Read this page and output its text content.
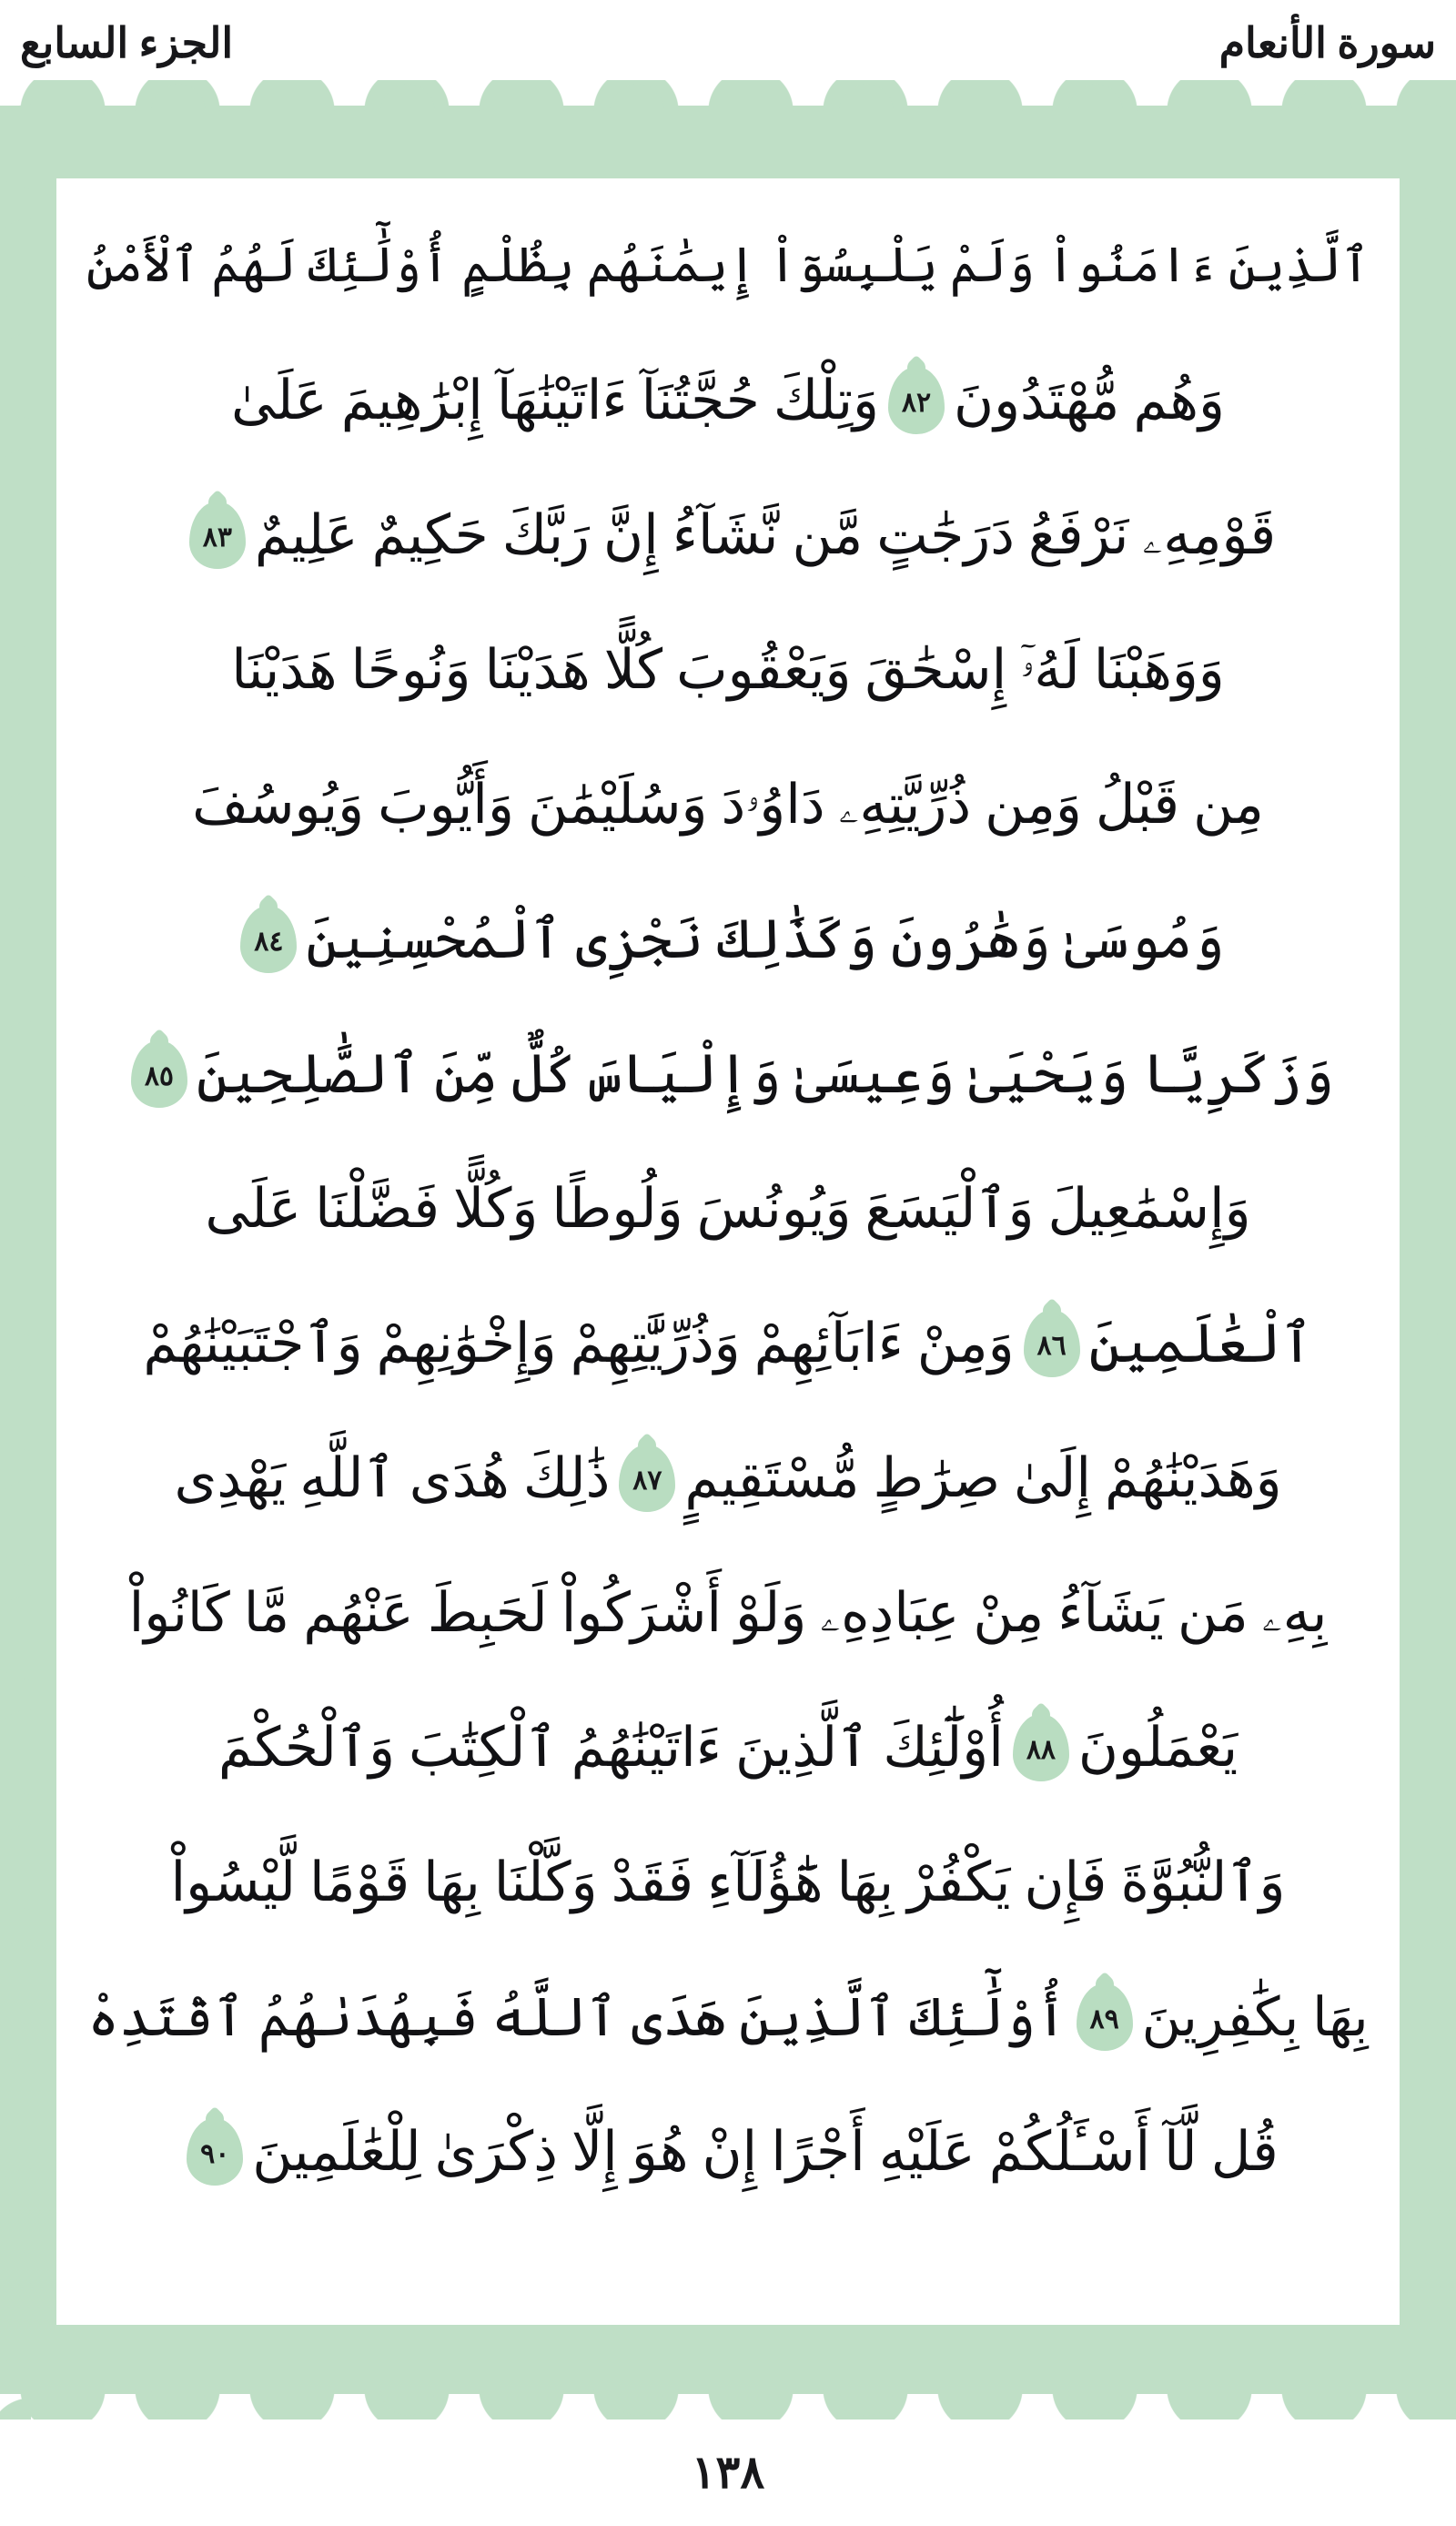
سورة الأنعام
الجزء السابع
ٱلَّذِينَ ءَامَنُواْ وَلَمْ يَلْبِسُوٓاْ إِيمَٰنَهُم بِظُلْمٍ أُوْلَٰٓئِكَ لَهُمُ ٱلْأَمْنُ
وَهُم مُّهْتَدُونَ
٨٢
وَتِلْكَ حُجَّتُنَآ ءَاتَيْنَٰهَآ إِبْرَٰهِيمَ عَلَىٰ
قَوْمِهِۦ نَرْفَعُ دَرَجَٰتٍ مَّن نَّشَآءُ إِنَّ رَبَّكَ حَكِيمٌ عَلِيمٌ
٨٣
وَوَهَبْنَا لَهُۥٓ إِسْحَٰقَ وَيَعْقُوبَ كُلًّا هَدَيْنَا وَنُوحًا هَدَيْنَا
مِن قَبْلُ وَمِن ذُرِّيَّتِهِۦ دَاوُۥدَ وَسُلَيْمَٰنَ وَأَيُّوبَ وَيُوسُفَ
وَمُوسَىٰ وَهَٰرُونَ وَكَذَٰلِكَ نَجْزِى ٱلْمُحْسِنِينَ
٨٤
وَزَكَرِيَّا وَيَحْيَىٰ وَعِيسَىٰ وَإِلْيَاسَ كُلٌّ مِّنَ ٱلصَّٰلِحِينَ
٨٥
وَإِسْمَٰعِيلَ وَٱلْيَسَعَ وَيُونُسَ وَلُوطًا وَكُلًّا فَضَّلْنَا عَلَى
ٱلْعَٰلَمِينَ
٨٦
وَمِنْ ءَابَآئِهِمْ وَذُرِّيَّٰتِهِمْ وَإِخْوَٰنِهِمْ وَٱجْتَبَيْنَٰهُمْ
وَهَدَيْنَٰهُمْ إِلَىٰ صِرَٰطٍ مُّسْتَقِيمٍ
٨٧
ذَٰلِكَ هُدَى ٱللَّهِ يَهْدِى
بِهِۦ مَن يَشَآءُ مِنْ عِبَادِهِۦ وَلَوْ أَشْرَكُواْ لَحَبِطَ عَنْهُم مَّا كَانُواْ
يَعْمَلُونَ
٨٨
أُوْلَٰٓئِكَ ٱلَّذِينَ ءَاتَيْنَٰهُمُ ٱلْكِتَٰبَ وَٱلْحُكْمَ
وَٱلنُّبُوَّةَ فَإِن يَكْفُرْ بِهَا هَٰٓؤُلَآءِ فَقَدْ وَكَّلْنَا بِهَا قَوْمًا لَّيْسُواْ
بِهَا بِكَٰفِرِينَ
٨٩
أُوْلَٰٓئِكَ ٱلَّذِينَ هَدَى ٱللَّهُ فَبِهُدَىٰهُمُ ٱقْتَدِهْ
قُل لَّآ أَسْـَٔلُكُمْ عَلَيْهِ أَجْرًا إِنْ هُوَ إِلَّا ذِكْرَىٰ لِلْعَٰلَمِينَ
٩٠
١٣٨
